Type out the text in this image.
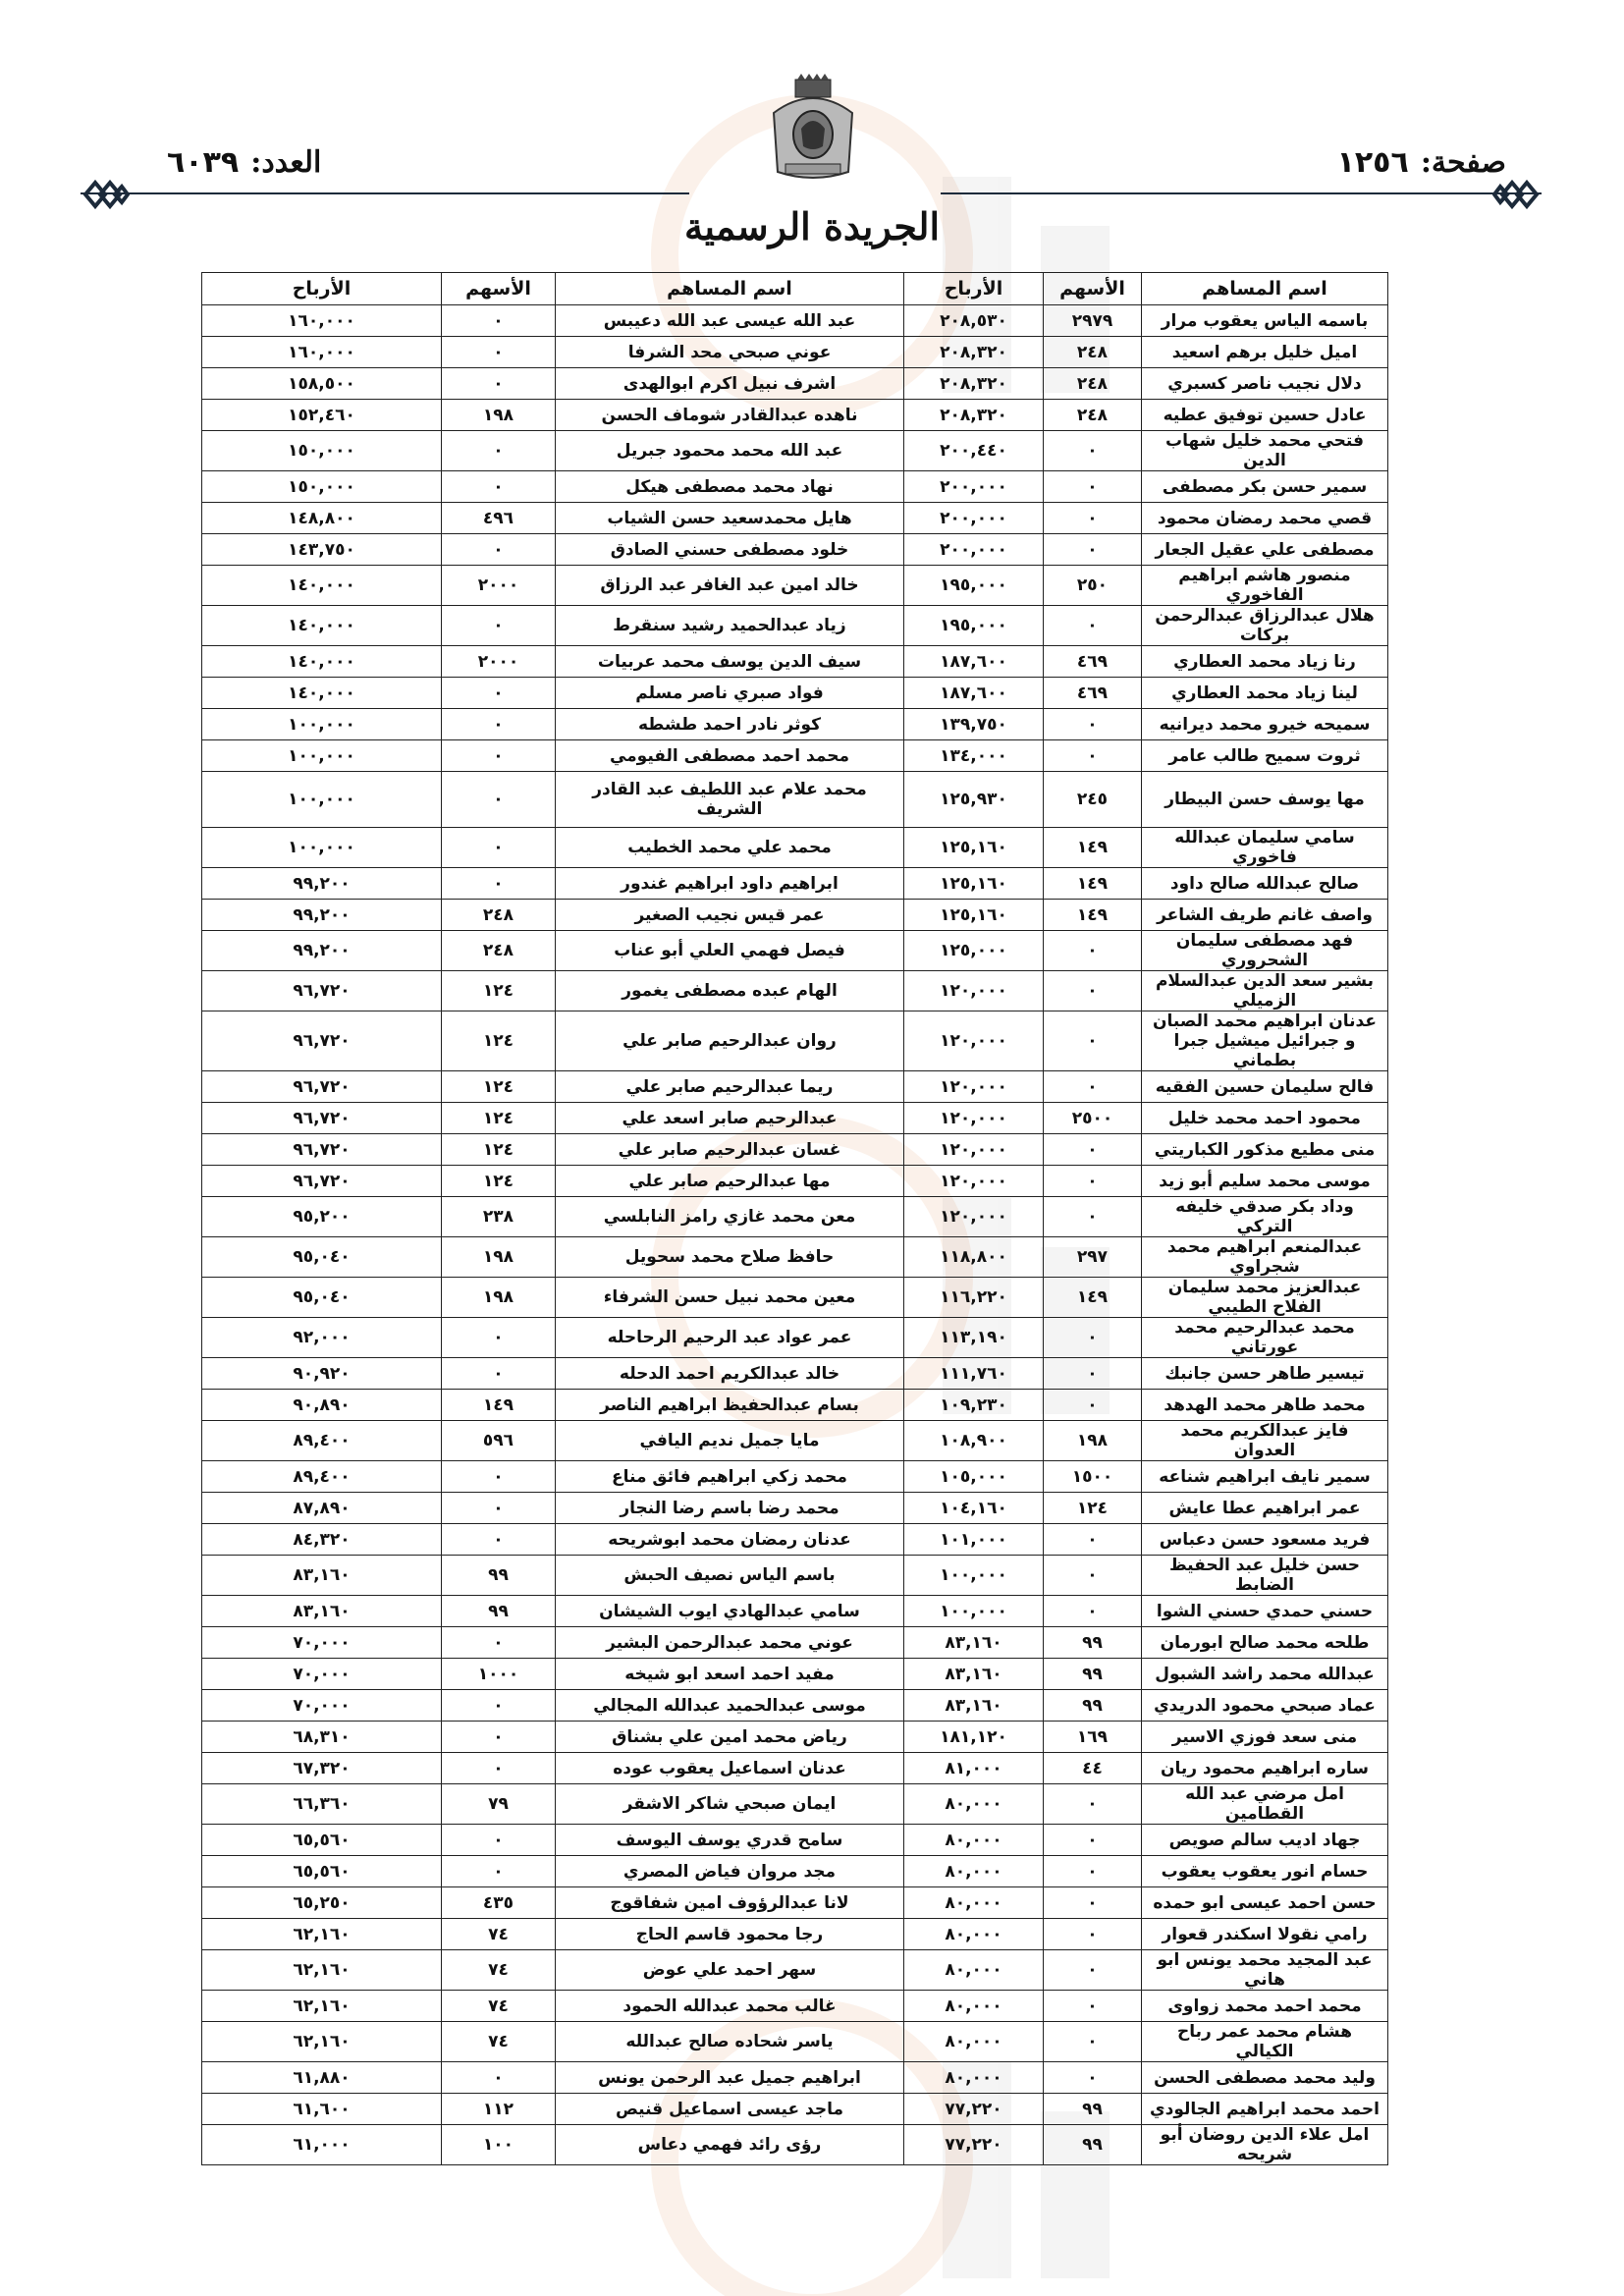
صفحة:
١٢٥٦
العدد:
٦٠٣٩
الجريدة الرسمية
اسم المساهم	الأسهم	الأرباح	اسم المساهم	الأسهم	الأرباح
باسمه الياس يعقوب مرار	٢٩٧٩	٢٠٨,٥٣٠	عبد الله عيسى عبد الله دعيبس	٠	١٦٠,٠٠٠
اميل خليل برهم اسعيد	٢٤٨	٢٠٨,٣٢٠	عوني صبحي محد الشرفا	٠	١٦٠,٠٠٠
دلال نجيب ناصر كسبري	٢٤٨	٢٠٨,٣٢٠	اشرف نبيل اكرم ابوالهدى	٠	١٥٨,٥٠٠
عادل حسين توفيق عطيه	٢٤٨	٢٠٨,٣٢٠	ناهده عبدالقادر شوماف الحسن	١٩٨	١٥٢,٤٦٠
فتحي محمد خليل شهاب الدين	٠	٢٠٠,٤٤٠	عبد الله محمد محمود جبريل	٠	١٥٠,٠٠٠
سمير حسن بكر مصطفى	٠	٢٠٠,٠٠٠	نهاد محمد مصطفى هيكل	٠	١٥٠,٠٠٠
قصي محمد رمضان محمود	٠	٢٠٠,٠٠٠	هايل محمدسعيد حسن الشياب	٤٩٦	١٤٨,٨٠٠
مصطفى علي عقيل الجعار	٠	٢٠٠,٠٠٠	خلود مصطفى حسني الصادق	٠	١٤٣,٧٥٠
منصور هاشم ابراهيم الفاخوري	٢٥٠	١٩٥,٠٠٠	خالد امين عبد الغافر عبد الرزاق	٢٠٠٠	١٤٠,٠٠٠
هلال عبدالرزاق عبدالرحمن بركات	٠	١٩٥,٠٠٠	زياد عبدالحميد رشيد سنقرط	٠	١٤٠,٠٠٠
رنا زياد محمد العطاري	٤٦٩	١٨٧,٦٠٠	سيف الدين يوسف محمد عربيات	٢٠٠٠	١٤٠,٠٠٠
لينا زياد محمد العطاري	٤٦٩	١٨٧,٦٠٠	فواد صبري ناصر مسلم	٠	١٤٠,٠٠٠
سميحه خيرو محمد ديرانيه	٠	١٣٩,٧٥٠	كوثر نادر احمد طشطه	٠	١٠٠,٠٠٠
ثروت سميح طالب عامر	٠	١٣٤,٠٠٠	محمد احمد مصطفى الفيومي	٠	١٠٠,٠٠٠
مها يوسف حسن البيطار	٢٤٥	١٢٥,٩٣٠	محمد علام عبد اللطيف عبد القادر الشريف	٠	١٠٠,٠٠٠
سامي سليمان عبدالله فاخوري	١٤٩	١٢٥,١٦٠	محمد علي محمد الخطيب	٠	١٠٠,٠٠٠
صالح عبدالله صالح داود	١٤٩	١٢٥,١٦٠	ابراهيم داود ابراهيم غندور	٠	٩٩,٢٠٠
واصف غانم طريف الشاعر	١٤٩	١٢٥,١٦٠	عمر قيس نجيب الصغير	٢٤٨	٩٩,٢٠٠
فهد مصطفى سليمان الشحروري	٠	١٢٥,٠٠٠	فيصل فهمي العلي أبو عناب	٢٤٨	٩٩,٢٠٠
بشير سعد الدين عبدالسلام الزميلي	٠	١٢٠,٠٠٠	الهام عبده مصطفى يغمور	١٢٤	٩٦,٧٢٠
عدنان ابراهيم محمد الصبان و جبرائيل ميشيل جبرا بطماني	٠	١٢٠,٠٠٠	روان عبدالرحيم صابر علي	١٢٤	٩٦,٧٢٠
فالح سليمان حسين الفقيه	٠	١٢٠,٠٠٠	ريما عبدالرحيم صابر علي	١٢٤	٩٦,٧٢٠
محمود احمد محمد خليل	٢٥٠٠	١٢٠,٠٠٠	عبدالرحيم صابر اسعد علي	١٢٤	٩٦,٧٢٠
منى مطيع مذكور الكباريتي	٠	١٢٠,٠٠٠	غسان عبدالرحيم صابر علي	١٢٤	٩٦,٧٢٠
موسى محمد سليم أبو زيد	٠	١٢٠,٠٠٠	مها عبدالرحيم صابر علي	١٢٤	٩٦,٧٢٠
وداد بكر صدقي خليفه التركي	٠	١٢٠,٠٠٠	معن محمد غازي رامز النابلسي	٢٣٨	٩٥,٢٠٠
عبدالمنعم ابراهيم محمد شجراوي	٢٩٧	١١٨,٨٠٠	حافظ صلاح محمد سحويل	١٩٨	٩٥,٠٤٠
عبدالعزيز محمد سليمان الفلاح الطيبي	١٤٩	١١٦,٢٢٠	معين محمد نبيل حسن الشرفاء	١٩٨	٩٥,٠٤٠
محمد عبدالرحيم محمد عورتاني	٠	١١٣,١٩٠	عمر عواد عبد الرحيم الرحاحله	٠	٩٢,٠٠٠
تيسير طاهر حسن جانبك	٠	١١١,٧٦٠	خالد عبدالكريم احمد الدحله	٠	٩٠,٩٢٠
محمد طاهر محمد الهدهد	٠	١٠٩,٢٣٠	بسام عبدالحفيظ ابراهيم الناصر	١٤٩	٩٠,٨٩٠
فايز عبدالكريم محمد العدوان	١٩٨	١٠٨,٩٠٠	مايا جميل نديم اليافي	٥٩٦	٨٩,٤٠٠
سمير نايف ابراهيم شناعه	١٥٠٠	١٠٥,٠٠٠	محمد زكي ابراهيم فائق مناع	٠	٨٩,٤٠٠
عمر ابراهيم عطا عايش	١٢٤	١٠٤,١٦٠	محمد رضا باسم رضا النجار	٠	٨٧,٨٩٠
فريد مسعود حسن دعباس	٠	١٠١,٠٠٠	عدنان رمضان محمد ابوشريحه	٠	٨٤,٣٢٠
حسن خليل عبد الحفيظ الضابط	٠	١٠٠,٠٠٠	باسم الياس نصيف الحبش	٩٩	٨٣,١٦٠
حسني حمدي حسني الشوا	٠	١٠٠,٠٠٠	سامي عبدالهادي ايوب الشيشان	٩٩	٨٣,١٦٠
طلحه محمد صالح ابورمان	٩٩	٨٣,١٦٠	عوني محمد عبدالرحمن البشير	٠	٧٠,٠٠٠
عبدالله محمد راشد الشبول	٩٩	٨٣,١٦٠	مفيد احمد اسعد ابو شيخه	١٠٠٠	٧٠,٠٠٠
عماد صبحي محمود الدريدي	٩٩	٨٣,١٦٠	موسى عبدالحميد عبدالله المجالي	٠	٧٠,٠٠٠
منى سعد فوزي الاسير	١٦٩	١٨١,١٢٠	رياض محمد امين علي بشناق	٠	٦٨,٣١٠
ساره ابراهيم محمود ريان	٤٤	٨١,٠٠٠	عدنان اسماعيل يعقوب عوده	٠	٦٧,٣٢٠
امل مرضي عبد الله القطامين	٠	٨٠,٠٠٠	ايمان صبحي شاكر الاشقر	٧٩	٦٦,٣٦٠
جهاد اديب سالم صويص	٠	٨٠,٠٠٠	سامح قدري يوسف اليوسف	٠	٦٥,٥٦٠
حسام انور يعقوب يعقوب	٠	٨٠,٠٠٠	مجد مروان فياض المصري	٠	٦٥,٥٦٠
حسن احمد عيسى ابو حمده	٠	٨٠,٠٠٠	لانا عبدالرؤوف امين شفاقوج	٤٣٥	٦٥,٢٥٠
رامي نقولا اسكندر قعوار	٠	٨٠,٠٠٠	رجا محمود قاسم الحاج	٧٤	٦٢,١٦٠
عبد المجيد محمد يونس ابو هاني	٠	٨٠,٠٠٠	سهر احمد علي عوض	٧٤	٦٢,١٦٠
محمد احمد محمد زواوى	٠	٨٠,٠٠٠	غالب محمد عبدالله الحمود	٧٤	٦٢,١٦٠
هشام محمد عمر رباح الكيالي	٠	٨٠,٠٠٠	ياسر شحاده صالح عبدالله	٧٤	٦٢,١٦٠
وليد محمد مصطفى الحسن	٠	٨٠,٠٠٠	ابراهيم جميل عبد الرحمن يونس	٠	٦١,٨٨٠
احمد محمد ابراهيم الجالودي	٩٩	٧٧,٢٢٠	ماجد عيسى اسماعيل قنيص	١١٢	٦١,٦٠٠
امل علاء الدين روضان أبو شريحه	٩٩	٧٧,٢٢٠	رؤى رائد فهمي دعاس	١٠٠	٦١,٠٠٠
